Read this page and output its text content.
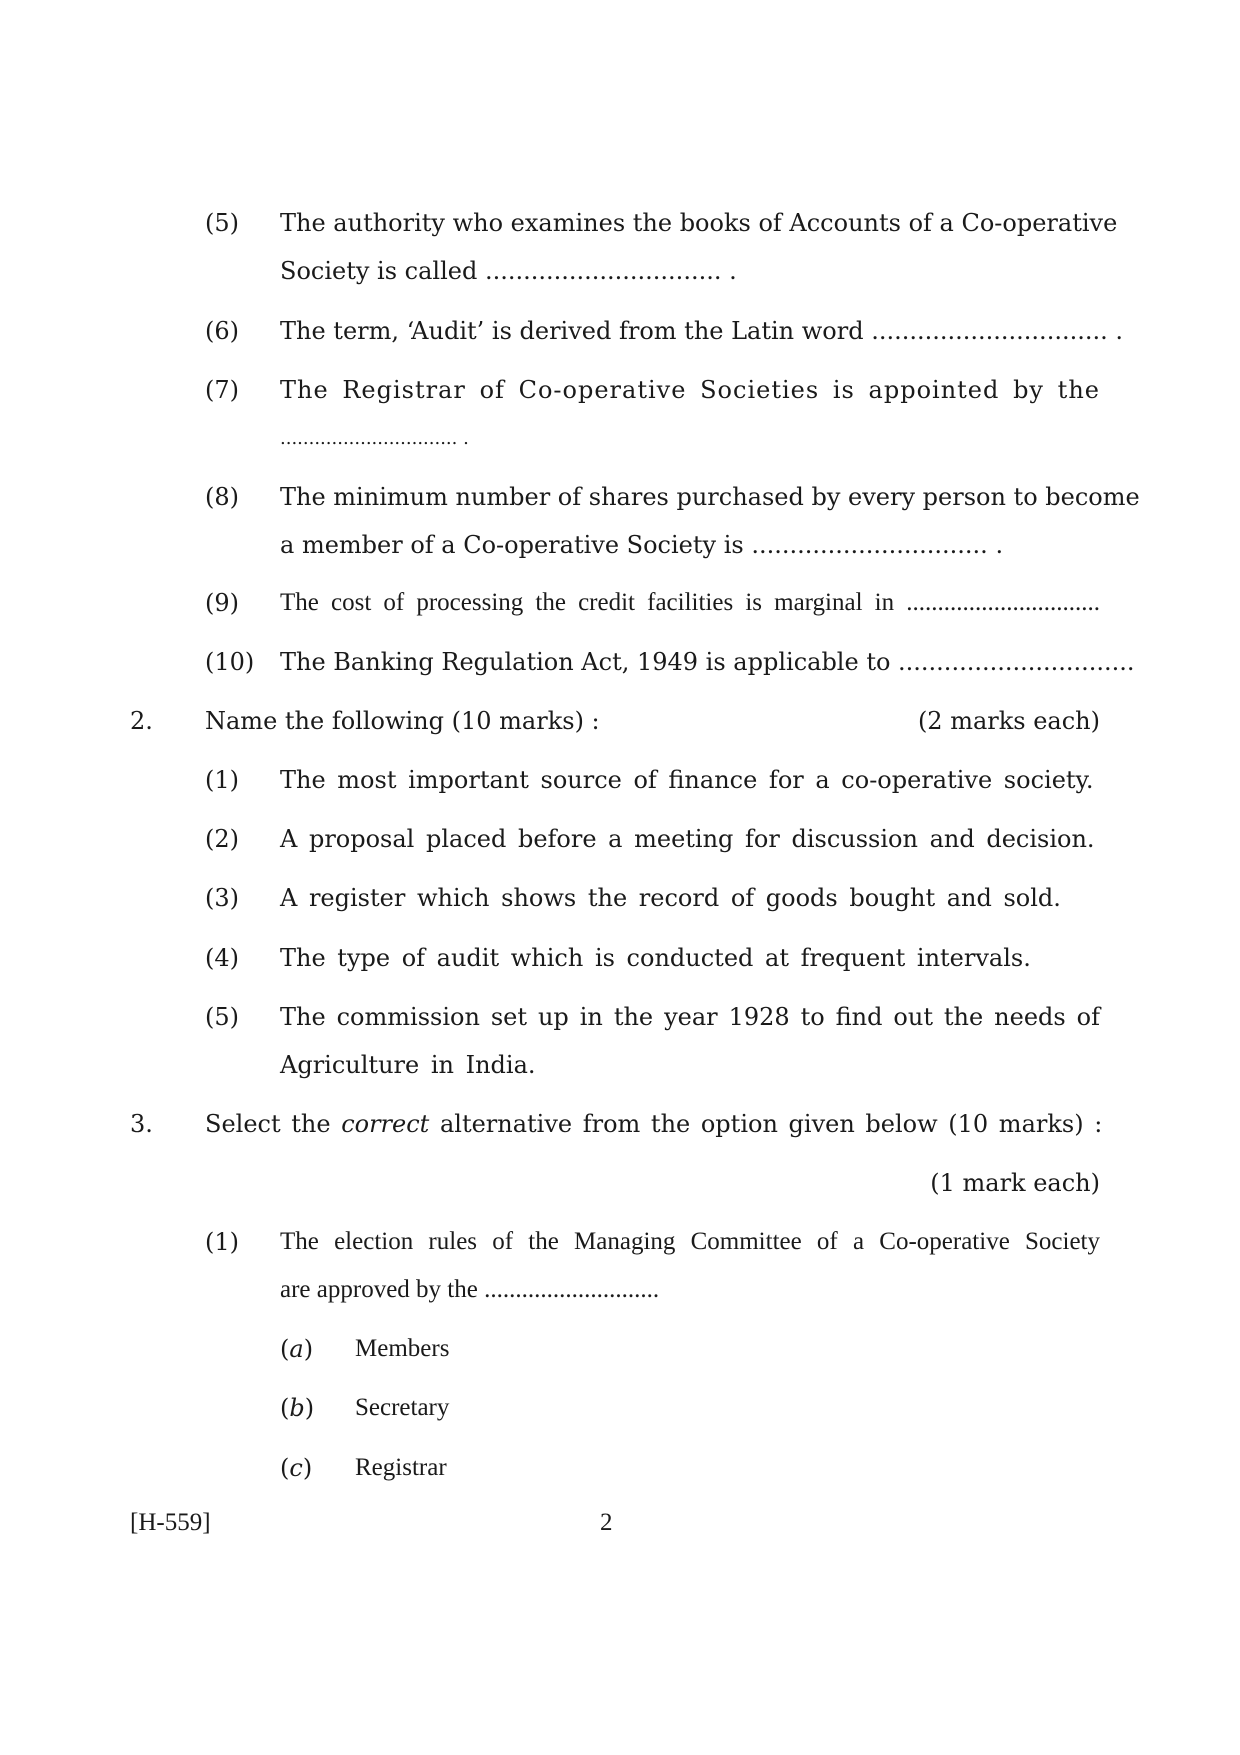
(5) The authority who examines the books of Accounts of a Co-operative
Society is called ............................... .
(6) The term, ‘Audit’ is derived from the Latin word ............................... .
(7) The Registrar of Co-operative Societies is appointed by the
............................... .
(8) The minimum number of shares purchased by every person to become
a member of a Co-operative Society is ............................... .
(9) The cost of processing the credit facilities is marginal in ...............................
(10) The Banking Regulation Act, 1949 is applicable to ...............................
2. Name the following (10 marks) :	(2 marks each)
(1) The most important source of finance for a co-operative society.
(2) A proposal placed before a meeting for discussion and decision.
(3) A register which shows the record of goods bought and sold.
(4) The type of audit which is conducted at frequent intervals.
(5) The commission set up in the year 1928 to find out the needs of
Agriculture in India.
3. Select the correct alternative from the option given below (10 marks) :
(1 mark each)
(1) The election rules of the Managing Committee of a Co-operative Society
are approved by the ............................
(a) Members
(b) Secretary
(c) Registrar
[H-559]	2
